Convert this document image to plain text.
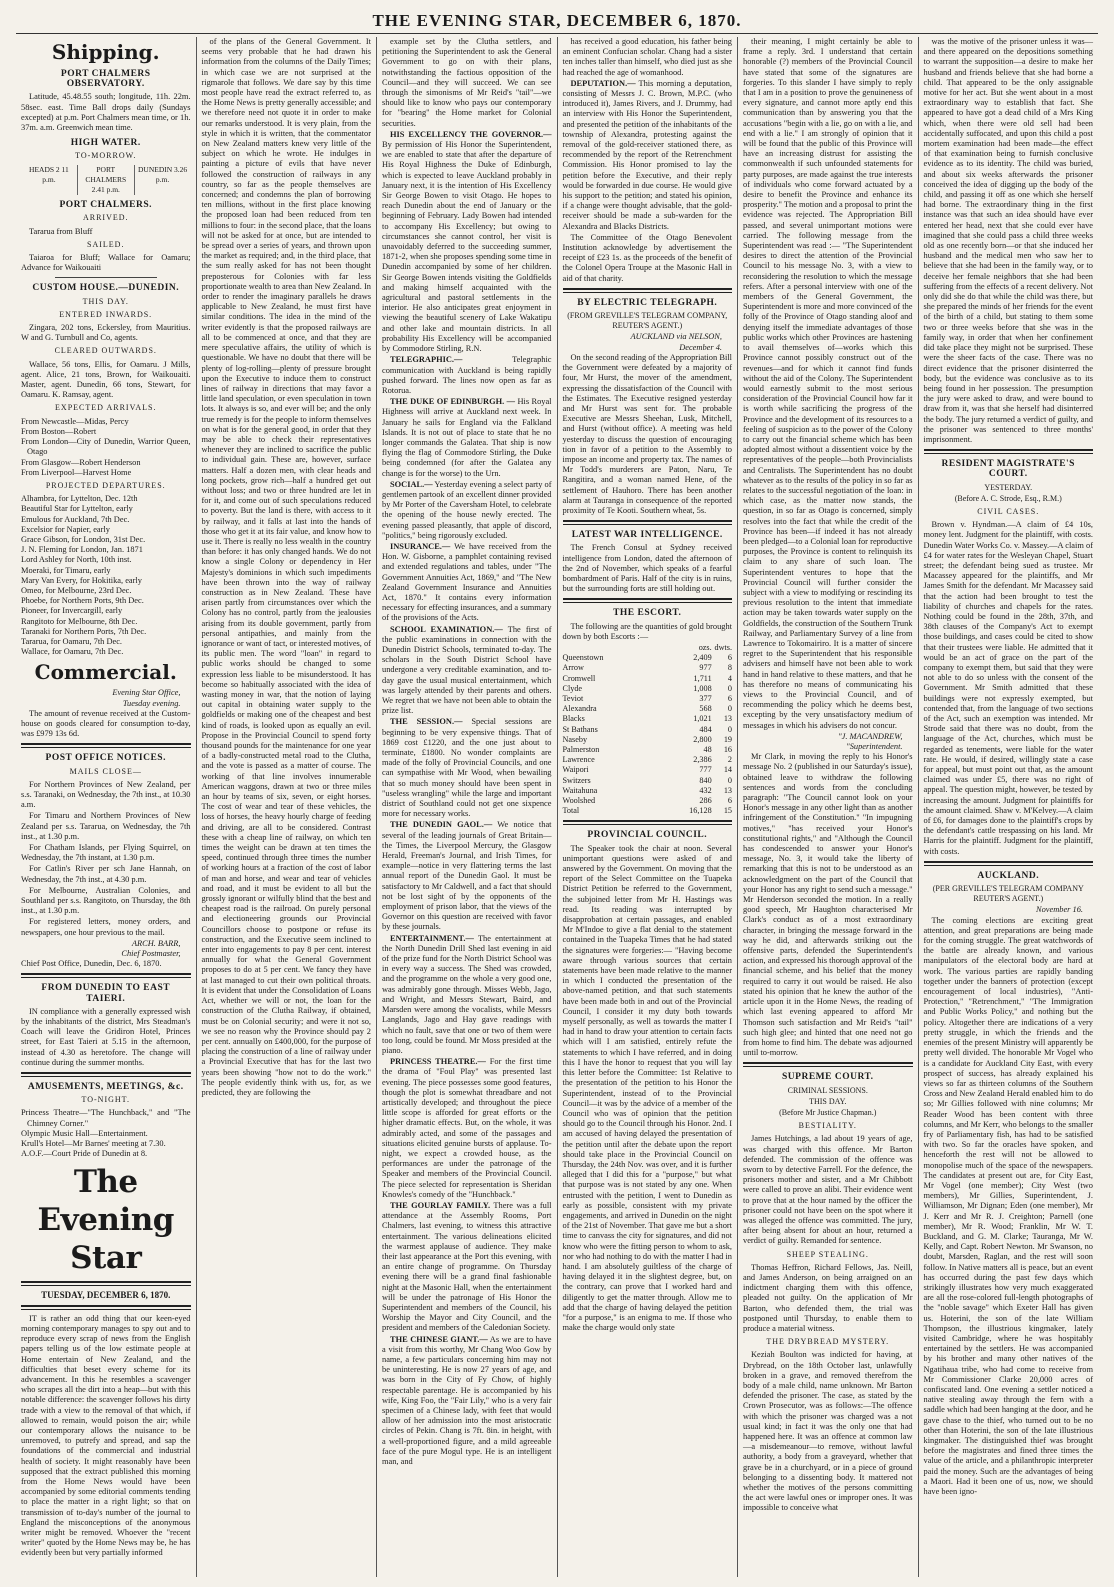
THE EVENING STAR, DECEMBER 6, 1870.
Shipping.
PORT CHALMERS OBSERVATORY.

Latitude, 45.48.55 south; longitude, 11h. 22m. 58sec. east. Time Ball drops daily (Sundays excepted) at p.m. Port Chalmers mean time, or 1h. 37m. a.m. Greenwich mean time.

HIGH WATER.
TO-MORROW.
HEADS 2 11 p.m.
PORT CHALMERS 2.41 p.m.
DUNEDIN 3.26 p.m.
PORT CHALMERS.
ARRIVED.

Tararua from Bluff

SAILED.

Taiaroa for Bluff; Wallace for Oamaru; Advance for Waikouaiti

CUSTOM HOUSE.—DUNEDIN.
THIS DAY.
ENTERED INWARDS.

Zingara, 202 tons, Eckersley, from Mauritius. W and G. Turnbull and Co, agents.

CLEARED OUTWARDS.

Wallace, 56 tons, Ellis, for Oamaru. J Mills, agent. Alice, 21 tons, Brown, for Waikouaiti. Master, agent. Dunedin, 66 tons, Stewart, for Oamaru. K. Ramsay, agent.

EXPECTED ARRIVALS.
From Newcastle—Midas, Percy
From Boston—Robert
From London—City of Dunedin, Warrior Queen, Otago
From Glasgow—Robert Henderson
From Liverpool—Harvest Home
PROJECTED DEPARTURES.
Alhambra, for Lyttelton, Dec. 12th
Beautiful Star for Lyttelton, early
Emulous for Auckland, 7th Dec.
Excelsior for Napier, early
Grace Gibson, for London, 31st Dec.
J. N. Fleming for London, Jan. 1871
Lord Ashley for North, 10th inst.
Moeraki, for Timaru, early
Mary Van Every, for Hokitika, early
Omeo, for Melbourne, 23rd Dec.
Phoebe, for Northern Ports, 9th Dec.
Pioneer, for Invercargill, early
Rangitoto for Melbourne, 8th Dec.
Taranaki for Northern Ports, 7th Dec.
Tararua, for Oamaru, 7th Dec.
Wallace, for Oamaru, 7th Dec.
Commercial.
Evening Star Office,
Tuesday evening.

The amount of revenue received at the Custom-house on goods cleared for consumption to-day, was £979 13s 6d.

POST OFFICE NOTICES.
MAILS CLOSE—

For Northern Provinces of New Zealand, per s.s. Taranaki, on Wednesday, the 7th inst., at 10.30 a.m.

For Timaru and Northern Provinces of New Zealand per s.s. Tararua, on Wednesday, the 7th inst., at 1.30 p.m.

For Chatham Islands, per Flying Squirrel, on Wednesday, the 7th instant, at 1.30 p.m.

For Catlin's River per sch Jane Hannah, on Wednesday, the 7th inst., at 4.30 p.m.

For Melbourne, Australian Colonies, and Southland per s.s. Rangitoto, on Thursday, the 8th inst., at 1.30 p.m.

For registered letters, money orders, and newspapers, one hour previous to the mail.

ARCH. BARR,
Chief Postmaster,
Chief Post Office, Dunedin, Dec. 6, 1870.
FROM DUNEDIN TO EAST TAIERI.

IN compliance with a generally expressed wish by the inhabitants of the district, Mrs Steadman's Coach will leave the Gridiron Hotel, Princes street, for East Taieri at 5.15 in the afternoon, instead of 4.30 as heretofore. The change will continue during the summer months.

AMUSEMENTS, MEETINGS, &c.
TO-NIGHT.
Princess Theatre—"The Hunchback," and "The Chimney Corner."
Olympic Music Hall—Entertainment.
Krull's Hotel—Mr Barnes' meeting at 7.30.
A.O.F.—Court Pride of Dunedin at 8.
The Evening Star
TUESDAY, DECEMBER 6, 1870.

IT is rather an odd thing that our keen-eyed morning contemporary manages to spy out and to reproduce every scrap of news from the English papers telling us of the low estimate people at Home entertain of New Zealand, and the difficulties that beset every scheme for its advancement. In this he resembles a scavenger who scrapes all the dirt into a heap—but with this notable difference: the scavenger follows his dirty trade with a view to the removal of that which, if allowed to remain, would poison the air; while our contemporary allows the nuisance to be unremoved, to putrefy and spread, and sap the foundations of the commercial and industrial health of society. It might reasonably have been supposed that the extract published this morning from the Home News would have been accompanied by some editorial comments tending to place the matter in a right light; so that on transmission of to-day's number of the journal to England the misconceptions of the anonymous writer might be removed. Whoever the "recent writer" quoted by the Home News may be, he has evidently been but very partially informed

of the plans of the General Government. It seems very probable that he had drawn his information from the columns of the Daily Times; in which case we are not surprised at the rigmarole that follows. We dare say by this time most people have read the extract referred to, as the Home News is pretty generally accessible; and we therefore need not quote it in order to make our remarks understood. It is very plain, from the style in which it is written, that the commentator on New Zealand matters knew very little of the subject on which he wrote. He indulges in painting a picture of evils that have never followed the construction of railways in any country, so far as the people themselves are concerned; and condemns the plan of borrowing ten millions, without in the first place knowing the proposed loan had been reduced from ten millions to four: in the second place, that the loans will not be asked for at once, but are intended to be spread over a series of years, and thrown upon the market as required; and, in the third place, that the sum really asked for has not been thought preposterous for Colonies with far less proportionate wealth to area than New Zealand. In order to render the imaginary parallels he draws applicable to New Zealand, he must first have similar conditions. The idea in the mind of the writer evidently is that the proposed railways are all to be commenced at once, and that they are mere speculative affairs, the utility of which is questionable. We have no doubt that there will be plenty of log-rolling—plenty of pressure brought upon the Executive to induce them to construct lines of railway in directions that may favor a little land speculation, or even speculation in town lots. It always is so, and ever will be; and the only true remedy is for the people to inform themselves on what is for the general good, in order that they may be able to check their representatives whenever they are inclined to sacrifice the public to individual gain. These are, however, surface matters. Half a dozen men, with clear heads and long pockets, grow rich—half a hundred get out without loss; and two or three hundred are let in for it, and come out of such speculations reduced to poverty. But the land is there, with access to it by railway, and it falls at last into the hands of those who get it at its fair value, and know how to use it. There is really no less wealth in the country than before: it has only changed hands. We do not know a single Colony or dependency in Her Majesty's dominions in which such impediments have been thrown into the way of railway construction as in New Zealand. These have arisen partly from circumstances over which the Colony has no control, partly from the jealousies arising from its double government, partly from personal antipathies, and mainly from the ignorance or want of tact, or interested motives, of its public men. The word "loan" in regard to public works should be changed to some expression less liable to be misunderstood. It has become so habitually associated with the idea of wasting money in war, that the notion of laying out capital in obtaining water supply to the goldfields or making one of the cheapest and best kind of roads, is looked upon as equally an evil. Propose in the Provincial Council to spend forty thousand pounds for the maintenance for one year of a badly-constructed metal road to the Clutha, and the vote is passed as a matter of course. The working of that line involves innumerable American waggons, drawn at two or three miles an hour by teams of six, seven, or eight horses. The cost of wear and tear of these vehicles, the loss of horses, the heavy hourly charge of feeding and driving, are all to be considered. Contrast these with a cheap line of railway, on which ten times the weight can be drawn at ten times the speed, continued through three times the number of working hours at a fraction of the cost of labor of man and horse, and wear and tear of vehicles and road, and it must be evident to all but the grossly ignorant or wilfully blind that the best and cheapest road is the railroad. On purely personal and electioneering grounds our Provincial Councillors choose to postpone or refuse its construction, and the Executive seem inclined to enter into engagements to pay 8 per cent. interest annually for what the General Government proposes to do at 5 per cent. We fancy they have at last managed to cut their own political throats. It is evident that under the Consolidation of Loans Act, whether we will or not, the loan for the construction of the Clutha Railway, if obtained, must be on Colonial security; and were it not so, we see no reason why the Province should pay 2 per cent. annually on £400,000, for the purpose of placing the construction of a line of railway under a Provincial Executive that has for the last two years been showing "how not to do the work." The people evidently think with us, for, as we predicted, they are following the

example set by the Clutha settlers, and petitioning the Superintendent to ask the General Government to go on with their plans, notwithstanding the factious opposition of the Council—and they will succeed. We can see through the simonisms of Mr Reid's "tail"—we should like to know who pays our contemporary for "bearing" the Home market for Colonial securities.

HIS EXCELLENCY THE GOVERNOR.— By permission of His Honor the Superintendent, we are enabled to state that after the departure of His Royal Highness the Duke of Edinburgh, which is expected to leave Auckland probably in January next, it is the intention of His Excellency Sir George Bowen to visit Otago. He hopes to reach Dunedin about the end of January or the beginning of February. Lady Bowen had intended to accompany His Excellency; but owing to circumstances she cannot control, her visit is unavoidably deferred to the succeeding summer, 1871-2, when she proposes spending some time in Dunedin accompanied by some of her children. Sir George Bowen intends visiting the Goldfields and making himself acquainted with the agricultural and pastoral settlements in the interior. He also anticipates great enjoyment in viewing the beautiful scenery of Lake Wakatipu and other lake and mountain districts. In all probability His Excellency will be accompanied by Commodore Stirling, R.N.

TELEGRAPHIC.—	Telegraphic communication with Auckland is being rapidly pushed forward. The lines now open as far as Rotorua.

THE DUKE OF EDINBURGH. — His Royal Highness will arrive at Auckland next week. In January he sails for England via the Falkland Islands. It is not out of place to state that he no longer commands the Galatea. That ship is now flying the flag of Commodore Stirling, the Duke being condemned (for after the Galatea any change is for the worse) to the Urn.

SOCIAL.— Yesterday evening a select party of gentlemen partook of an excellent dinner provided by Mr Porter of the Caversham Hotel, to celebrate the opening of the house newly erected. The evening passed pleasantly, that apple of discord, "politics," being rigorously excluded.

INSURANCE.— We have received from the Hon. W. Gisborne, a pamphlet containing revised and extended regulations and tables, under "The Government Annuities Act, 1869," and "The New Zealand Government Insurance and Annuities Act, 1870." It contains every information necessary for effecting insurances, and a summary of the provisions of the Acts.

SCHOOL EXAMINATION.— The first of the public examinations in connection with the Dunedin District Schools, terminated to-day. The scholars in the South District School have undergone a very creditable examination, and to-day gave the usual musical entertainment, which was largely attended by their parents and others. We regret that we have not been able to obtain the prize list.

THE SESSION.— Special sessions are beginning to be very expensive things. That of 1869 cost £1220, and the one just about to terminate, £1800. No wonder complaints are made of the folly of Provincial Councils, and one can sympathise with Mr Wood, when bewailing that so much money should have been spent in "useless wrangling" while the large and important district of Southland could not get one sixpence more for necessary works.

THE DUNEDIN GAOL.— We notice that several of the leading journals of Great Britain—the Times, the Liverpool Mercury, the Glasgow Herald, Freeman's Journal, and Irish Times, for example—notice in very flattering terms the last annual report of the Dunedin Gaol. It must be satisfactory to Mr Caldwell, and a fact that should not be lost sight of by the opponents of the employment of prison labor, that the views of the Governor on this question are received with favor by these journals.

ENTERTAINMENT.— The entertainment at the North Dunedin Drill Shed last evening in aid of the prize fund for the North District School was in every way a success. The Shed was crowded, and the programme on the whole a very good one, was admirably gone through. Misses Webb, Jago, and Wright, and Messrs Stewart, Baird, and Marsden were among the vocalists, while Messrs Langlands, Jago and Hay gave readings with which no fault, save that one or two of them were too long, could be found. Mr Moss presided at the piano.

PRINCESS THEATRE.— For the first time the drama of "Foul Play" was presented last evening. The piece possesses some good features, though the plot is somewhat threadbare and not artistically developed; and throughout the piece little scope is afforded for great efforts or the higher dramatic effects. But, on the whole, it was admirably acted, and some of the passages and situations elicited genuine bursts of applause. To-night, we expect a crowded house, as the performances are under the patronage of the Speaker and members of the Provincial Council. The piece selected for representation is Sheridan Knowles's comedy of the "Hunchback."

THE GOURLAY FAMILY. There was a full attendance at the Assembly Rooms, Port Chalmers, last evening, to witness this attractive entertainment. The various delineations elicited the warmest applause of audience. They make their last appearance at the Port this evening, with an entire change of programme. On Thursday evening there will be a grand final fashionable night at the Masonic Hall, when the entertainment will be under the patronage of His Honor the Superintendent and members of the Council, his Worship the Mayor and City Council, and the president and members of the Caledonian Society.

THE CHINESE GIANT.— As we are to have a visit from this worthy, Mr Chang Woo Gow by name, a few particulars concerning him may not be uninteresting. He is now 27 years of age, and was born in the City of Fy Chow, of highly respectable parentage. He is accompanied by his wife, King Foo, the "Fair Lily," who is a very fair specimen of a Chinese lady, with feet that would allow of her admission into the most aristocratic circles of Pekin. Chang is 7ft. 8in. in height, with a well-proportioned figure, and a mild agreeable face of the pure Mogul type. He is an intelligent man, and

has received a good education, his father being an eminent Confucian scholar. Chang had a sister ten inches taller than himself, who died just as she had reached the age of womanhood.

DEPUTATION.— This morning a deputation, consisting of Messrs J. C. Brown, M.P.C. (who introduced it), James Rivers, and J. Drummy, had an interview with His Honor the Superintendent, and presented the petition of the inhabitants of the township of Alexandra, protesting against the removal of the gold-receiver stationed there, as recommended by the report of the Retrenchment Commission. His Honor promised to lay the petition before the Executive, and their reply would be forwarded in due course. He would give his support to the petition; and stated his opinion, if a change were thought advisable, that the gold-receiver should be made a sub-warden for the Alexandra and Blacks Districts.

The Committee of the Otago Benevolent Institution acknowledge by advertisement the receipt of £23 1s. as the proceeds of the benefit of the Colonel Opera Troupe at the Masonic Hall in aid of that charity.

BY ELECTRIC TELEGRAPH.
(FROM GREVILLE'S TELEGRAM COMPANY, REUTER'S AGENT.)
AUCKLAND via NELSON,
December 4.

On the second reading of the Appropriation Bill the Government were defeated by a majority of four, Mr Hurst, the mover of the amendment, expressing the dissatisfaction of the Council with the Estimates. The Executive resigned yesterday and Mr Hurst was sent for. The probable Executive are Messrs Sheehan, Lusk, Mitchell, and Hurst (without office). A meeting was held yesterday to discuss the question of encouraging tion in favor of a petition to the Assembly to impose an income and property tax. The names of Mr Todd's murderers are Paton, Naru, Te Rangitira, and a woman named Hene, of the settlement of Hauhoro. There has been another alarm at Tauranga in consequence of the reported proximity of Te Kooti. Southern wheat, 5s.

LATEST WAR INTELLIGENCE.

The French Consul at Sydney received intelligence from London, dated the afternoon of the 2nd of November, which speaks of a fearful bombardment of Paris. Half of the city is in ruins, but the surrounding forts are still holding out.

THE ESCORT.

The following are the quantities of gold brought down by both Escorts :—

	ozs.	dwts.
Queenstown	2,409	6
Arrow	977	8
Cromwell	1,711	4
Clyde	1,008	0
Teviot	377	6
Alexandra	568	0
Blacks	1,021	13
St Bathans	484	0
Naseby	2,800	19
Palmerston	48	16
Lawrence	2,386	2
Waipori	777	14
Switzers	840	0
Waitahuna	432	13
Woolshed	286	6
Total	16,128	15
PROVINCIAL COUNCIL.

The Speaker took the chair at noon. Several unimportant questions were asked of and answered by the Government. On moving that the report of the Select Committee on the Tuapeka District Petition be referred to the Government, the subjoined letter from Mr H. Hastings was read. Its reading was interrupted by disapprobation at certain passages, and enabled Mr M'Indoe to give a flat denial to the statement contained in the Tuapeka Times that he had stated the signatures were forgeries:— "Having become aware through various sources that certain statements have been made relative to the manner in which I conducted the presentation of the above-named petition, and that such statements have been made both in and out of the Provincial Council, I consider it my duty both towards myself personally, as well as towards the matter I had in hand to draw your attention to certain facts which will I am satisfied, entirely refute the statements to which I have referred, and in doing this I have the honor to request that you will lay this letter before the Committee: 1st Relative to the presentation of the petition to his Honor the Superintendent, instead of to the Provincial Council—it was by the advice of a member of the Council who was of opinion that the petition should go to the Council through his Honor. 2nd. I am accused of having delayed the presentation of the petition until after the debate upon the report should take place in the Provincial Council on Thursday, the 24th Nov. was over, and it is further alleged that I did this for a "purpose," but what that purpose was is not stated by any one. When entrusted with the petition, I went to Dunedin as early as possible, consistent with my private engagements, and arrived in Dunedin on the night of the 21st of November. That gave me but a short time to canvass the city for signatures, and did not know who were the fitting person to whom to ask, nor who had nothing to do with the matter I had in hand. I am absolutely guiltless of the charge of having delayed it in the slightest degree, but, on the contrary, can prove that I worked hard and diligently to get the matter through. Allow me to add that the charge of having delayed the petition "for a purpose," is an enigma to me. If those who make the charge would only state

their meaning, I might certainly be able to frame a reply. 3rd. I understand that certain honorable (?) members of the Provincial Council have stated that some of the signatures are forgeries. To this slander I have simply to reply that I am in a position to prove the genuineness of every signature, and cannot more aptly end this communication than by answering you that the accusations "begin with a lie, go on with a lie, and end with a lie." I am strongly of opinion that it will be found that the public of this Province will have an increasing distrust for assisting the commonwealth if such unfounded statements for party purposes, are made against the true interests of individuals who come forward actuated by a desire to benefit the Province and enhance its prosperity." The motion and a proposal to print the evidence was rejected. The Appropriation Bill passed, and several unimportant motions were carried. The following message from the Superintendent was read :— "The Superintendent desires to direct the attention of the Provincial Council to his message No. 3, with a view to reconsidering the resolution to which the message refers. After a personal interview with one of the members of the General Government, the Superintendent is more and more convinced of the folly of the Province of Otago standing aloof and denying itself the immediate advantages of those public works which other Provinces are hastening to avail themselves of—works which this Province cannot possibly construct out of the revenues—and for which it cannot find funds without the aid of the Colony. The Superintendent would earnestly submit to the most serious consideration of the Provincial Council how far it is worth while sacrificing the progress of the Province and the development of its resources to a feeling of suspicion as to the power of the Colony to carry out the financial scheme which has been adopted almost without a dissentient voice by the representatives of the people—both Provincialists and Centralists. The Superintendent has no doubt whatever as to the results of the policy in so far as relates to the successful negotiation of the loan: in which case, as the matter now stands, the question, in so far as Otago is concerned, simply resolves into the fact that while the credit of the Province has been—if indeed it has not already been pledged—to a Colonial loan for reproductive purposes, the Province is content to relinquish its claim to any share of such loan. The Superintendent ventures to hope that the Provincial Council will further consider the subject with a view to modifying or rescinding its previous resolution to the intent that immediate action may be taken towards water supply on the Goldfields, the construction of the Southern Trunk Railway, and Parliamentary Survey of a line from Lawrence to Tokomairiro. It is a matter of sincere regret to the Superintendent that his responsible advisers and himself have not been able to work hand in hand relative to these matters, and that he has therefore no means of communicating his views to the Provincial Council, and of recommending the policy which he deems best, excepting by the very unsatisfactory medium of messages in which his advisers do not concur.

"J. MACANDREW,
"Superintendent.

Mr Clark, in moving the reply to his Honor's message No. 2 (published in our Saturday's issue), obtained leave to withdraw the following sentences and words from the concluding paragraph: "The Council cannot look on your Honor's message in any other light than as another infringement of the Constitution." "In impugning motives," "has received your Honor's constitutional rights," and "Although the Council has condescended to answer your Honor's message, No. 3, it would take the liberty of remarking that this is not to be understood as an acknowledgment on the part of the Council that your Honor has any right to send such a message." Mr Henderson seconded the motion. In a really good speech, Mr Haughton characterised Mr Clark's conduct as of a most extraordinary character, in bringing the message forward in the way he did, and afterwards striking out the offensive parts, defended the Superintendent's action, and expressed his thorough approval of the financial scheme, and his belief that the money required to carry it out would be raised. He also stated his opinion that he knew the author of the article upon it in the Home News, the reading of which last evening appeared to afford Mr Thomson such satisfaction and Mr Reid's "tail" such high glee; and hinted that one need not go from home to find him. The debate was adjourned until to-morrow.

SUPREME COURT.
CRIMINAL SESSIONS.
THIS DAY.
(Before Mr Justice Chapman.)
BESTIALITY.

James Hutchings, a lad about 19 years of age, was charged with this offence. Mr Barton defended. The commission of the offence was sworn to by detective Farrell. For the defence, the prisoners mother and sister, and a Mr Chibbott were called to prove an alibi. Their evidence went to prove that at the hour named by the officer the prisoner could not have been on the spot where it was alleged the offence was committed. The jury, after being absent for about an hour, returned a verdict of guilty. Remanded for sentence.

SHEEP STEALING.

Thomas Heffron, Richard Fellows, Jas. Neill, and James Anderson, on being arraigned on an indictment charging them with this offence, pleaded not guilty. On the application of Mr Barton, who defended them, the trial was postponed until Thursday, to enable them to produce a material witness.

THE DRYBREAD MYSTERY.

Keziah Boulton was indicted for having, at Drybread, on the 18th October last, unlawfully broken in a grave, and removed therefrom the body of a male child, name unknown. Mr Barton defended the prisoner. The case, as stated by the Crown Prosecutor, was as follows:—The offence with which the prisoner was charged was a not usual kind; in fact it was the only one that had happened here. It was an offence at common law—a misdemeanour—to remove, without lawful authority, a body from a graveyard, whether that grave be in a churchyard, or in a piece of ground belonging to a dissenting body. It mattered not whether the motives of the persons committing the act were lawful ones or improper ones. It was impossible to conceive what

was the motive of the prisoner unless it was—and there appeared on the depositions something to warrant the supposition—a desire to make her husband and friends believe that she had borne a child. That appeared to be the only assignable motive for her act. But she went about in a most extraordinary way to establish that fact. She appeared to have got a dead child of a Mrs King which, when there were old sell had been accidentally suffocated, and upon this child a post mortem examination had been made—the effect of that examination being to furnish conclusive evidence as to its identity. The child was buried, and about six weeks afterwards the prisoner conceived the idea of digging up the body of the child, and passing it off as one which she herself had borne. The extraordinary thing in the first instance was that such an idea should have ever entered her head, next that she could ever have imagined that she could pass a child three weeks old as one recently born—or that she induced her husband and the medical men who saw her to believe that she had been in the family way, or to deceive her female neighbors that she had been suffering from the effects of a recent delivery. Not only did she do that while the child was there, but she prepared the minds of her friends for the event of the birth of a child, but stating to them some two or three weeks before that she was in the family way, in order that when her confinement did take place they might not be surprised. These were the sheer facts of the case. There was no direct evidence that the prisoner disinterred the body, but the evidence was conclusive as to its being found in her possession. The presumption the jury were asked to draw, and were bound to draw from it, was that she herself had disinterred the body. The jury returned a verdict of guilty, and the prisoner was sentenced to three months' imprisonment.

RESIDENT MAGISTRATE'S COURT.
YESTERDAY.
(Before A. C. Strode, Esq., R.M.)
CIVIL CASES.

Brown v. Hyndman.—A claim of £4 10s, money lent. Judgment for the plaintiff, with costs. Dunedin Water Works Co. v. Massey.—A claim of £4 for water rates for the Wesleyan Chapel, Stuart street; the defendant being sued as trustee. Mr Macassey appeared for the plaintiffs, and Mr James Smith for the defendant. Mr Macassey said that the action had been brought to test the liability of churches and chapels for the rates. Nothing could be found in the 28th, 37th, and 38th clauses of the Company's Act to exempt those buildings, and cases could be cited to show that their trustees were liable. He admitted that it would be an act of grace on the part of the company to exempt them, but said that they were not able to do so unless with the consent of the Government. Mr Smith admitted that these buildings were not expressly exempted, but contended that, from the language of two sections of the Act, such an exemption was intended. Mr Strode said that there was no doubt, from the language of the Act, churches, which must be regarded as tenements, were liable for the water rate. He would, if desired, willingly state a case for appeal, but must point out that, as the amount claimed was under £5, there was no right of appeal. The question might, however, be tested by increasing the amount. Judgment for plaintiffs for the amount claimed. Shaw v. M'Kelvey.—A claim of £6, for damages done to the plaintiff's crops by the defendant's cattle trespassing on his land. Mr Harris for the plaintiff. Judgment for the plaintiff, with costs.

AUCKLAND.
(PER GREVILLE'S TELEGRAM COMPANY REUTER'S AGENT.)
November 16.

The coming elections are exciting great attention, and great preparations are being made for the coming struggle. The great watchwords of the battle are already known, and various manipulators of the electoral body are hard at work. The various parties are rapidly banding together under the banners of protection (except encouragement of local industries), "Anti-Protection," "Retrenchment," "The Immigration and Public Works Policy," and nothing but the policy. Altogether there are indications of a very pretty struggle, in which the friends and the enemies of the present Ministry will apparently be pretty well divided. The honorable Mr Vogel who is a candidate for Auckland City East, with every prospect of success, has already explained his views so far as thirteen columns of the Southern Cross and New Zealand Herald enabled him to do so; Mr Gillies followed with nine columns; Mr Reader Wood has been content with three columns, and Mr Kerr, who belongs to the smaller fry of Parliamentary fish, has had to be satisfied with two. So far the oracles have spoken, and henceforth the rest will not be allowed to monopolise much of the space of the newspapers. The candidates at present out are, for City East, Mr Vogel (one member); City West (two members), Mr Gillies, Superintendent, J. Williamson, Mr Dignan; Eden (one member), Mr J. Kerr and Mr R. J. Creighton; Parnell (one member), Mr R. Wood; Franklin, Mr W. T. Buckland, and G. M. Clarke; Tauranga, Mr W. Kelly, and Capt. Robert Newton. Mr Swanson, no doubt, Marsden, Raglan, and the rest will soon follow. In Native matters all is peace, but an event has occurred during the past few days which strikingly illustrates how very much exaggerated are all the rose-colored full-length photographs of the "noble savage" which Exeter Hall has given us. Hoterini, the son of the late William Thompson, the illustrious kingmaker, lately visited Cambridge, where he was hospitably entertained by the settlers. He was accompanied by his brother and many other natives of the Ngatihaua tribe, who had come to receive from Mr Commissioner Clarke 20,000 acres of confiscated land. One evening a settler noticed a native stealing away through the fern with a saddle which had been hanging at the door, and he gave chase to the thief, who turned out to be no other than Hoterini, the son of the late illustrious kingmaker. The distinguished thief was brought before the magistrates and fined three times the value of the article, and a philanthropic interpreter paid the money. Such are the advantages of being a Maori. Had it been one of us, now, we should have been igno-
